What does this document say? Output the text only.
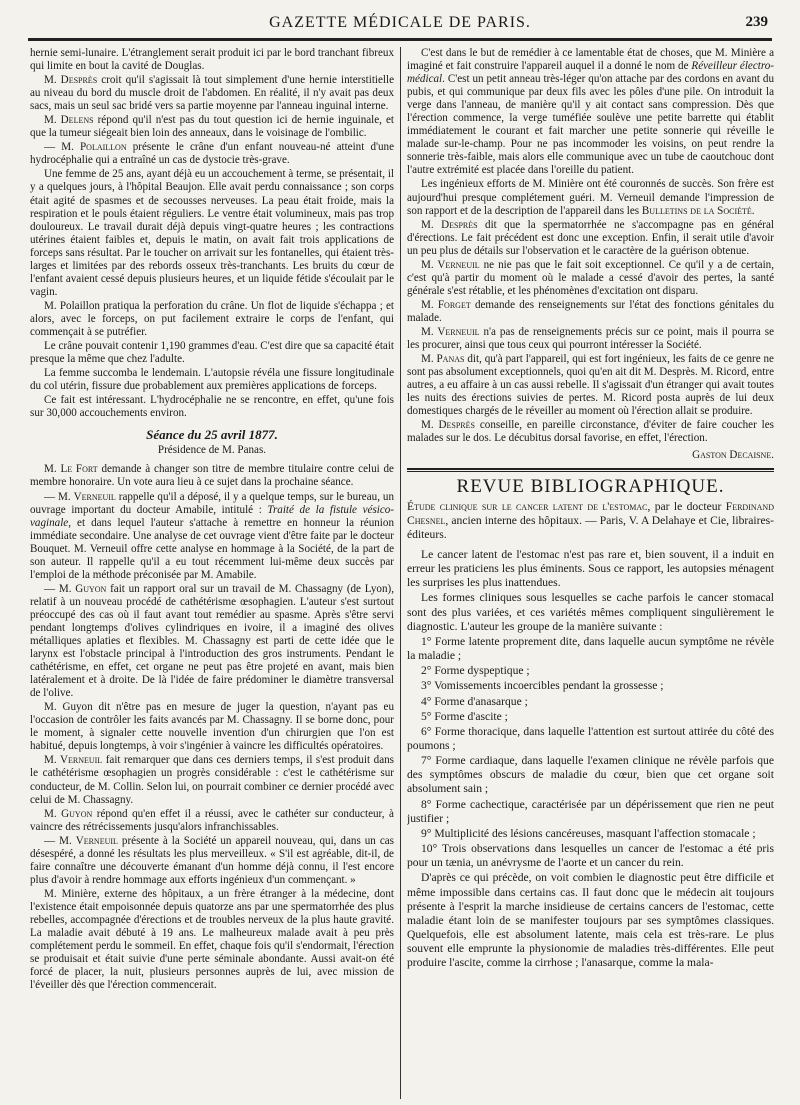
GAZETTE MÉDICALE DE PARIS.	239

hernie semi-lunaire. L'étranglement serait produit ici par le bord tranchant fibreux qui limite en bout la cavité de Douglas.

M. Desprès croit qu'il s'agissait là tout simplement d'une hernie interstitielle au niveau du bord du muscle droit de l'abdomen. En réalité, il n'y avait pas deux sacs, mais un seul sac bridé vers sa partie moyenne par l'anneau inguinal interne.

M. Delens répond qu'il n'est pas du tout question ici de hernie inguinale, et que la tumeur siégeait bien loin des anneaux, dans le voisinage de l'ombilic.

— M. Polaillon présente le crâne d'un enfant nouveau-né atteint d'une hydrocéphalie qui a entraîné un cas de dystocie très-grave.

Une femme de 25 ans, ayant déjà eu un accouchement à terme, se présentait, il y a quelques jours, à l'hôpital Beaujon. Elle avait perdu connaissance ; son corps était agité de spasmes et de secousses nerveuses. La peau était froide, mais la respiration et le pouls étaient réguliers. Le ventre était volumineux, mais pas trop douloureux. Le travail durait déjà depuis vingt-quatre heures ; les contractions utérines étaient faibles et, depuis le matin, on avait fait trois applications de forceps sans résultat. Par le toucher on arrivait sur les fontanelles, qui étaient très-larges et limitées par des rebords osseux très-tranchants. Les bruits du cœur de l'enfant avaient cessé depuis plusieurs heures, et un liquide fétide s'écoulait par le vagin.

M. Polaillon pratiqua la perforation du crâne. Un flot de liquide s'échappa ; et alors, avec le forceps, on put facilement extraire le corps de l'enfant, qui commençait à se putréfier.

Le crâne pouvait contenir 1,190 grammes d'eau. C'est dire que sa capacité était presque la même que chez l'adulte.

La femme succomba le lendemain. L'autopsie révéla une fissure longitudinale du col utérin, fissure due probablement aux premières applications de forceps.

Ce fait est intéressant. L'hydrocéphalie ne se rencontre, en effet, qu'une fois sur 30,000 accouchements environ.

Séance du 25 avril 1877.

Présidence de M. Panas.

M. Le Fort demande à changer son titre de membre titulaire contre celui de membre honoraire. Un vote aura lieu à ce sujet dans la prochaine séance.

— M. Verneuil rappelle qu'il a déposé, il y a quelque temps, sur le bureau, un ouvrage important du docteur Amabile, intitulé : Traité de la fistule vésico-vaginale, et dans lequel l'auteur s'attache à remettre en honneur la réunion immédiate secondaire. Une analyse de cet ouvrage vient d'être faite par le docteur Bouquet. M. Verneuil offre cette analyse en hommage à la Société, de la part de son auteur. Il rappelle qu'il a eu tout récemment lui-même deux succès par l'emploi de la méthode préconisée par M. Amabile.

— M. Guyon fait un rapport oral sur un travail de M. Chassagny (de Lyon), relatif à un nouveau procédé de cathétérisme œsophagien. L'auteur s'est surtout préoccupé des cas où il faut avant tout remédier au spasme. Après s'être servi pendant longtemps d'olives cylindriques en ivoire, il a imaginé des olives métalliques aplaties et flexibles. M. Chassagny est parti de cette idée que le larynx est l'obstacle principal à l'introduction des gros instruments. Pendant le cathétérisme, en effet, cet organe ne peut pas être projeté en avant, mais bien latéralement et à droite. De là l'idée de faire prédominer le diamètre transversal de l'olive.

M. Guyon dit n'être pas en mesure de juger la question, n'ayant pas eu l'occasion de contrôler les faits avancés par M. Chassagny. Il se borne donc, pour le moment, à signaler cette nouvelle invention d'un chirurgien que l'on est habitué, depuis longtemps, à voir s'ingénier à vaincre les difficultés opératoires.

M. Verneuil fait remarquer que dans ces derniers temps, il s'est produit dans le cathétérisme œsophagien un progrès considérable : c'est le cathétérisme sur conducteur, de M. Collin. Selon lui, on pourrait combiner ce dernier procédé avec celui de M. Chassagny.

M. Guyon répond qu'en effet il a réussi, avec le cathéter sur conducteur, à vaincre des rétrécissements jusqu'alors infranchissables.

— M. Verneuil présente à la Société un appareil nouveau, qui, dans un cas désespéré, a donné les résultats les plus merveilleux. « S'il est agréable, dit-il, de faire connaître une découverte émanant d'un homme déjà connu, il l'est encore plus d'avoir à rendre hommage aux efforts ingénieux d'un commençant. »

M. Minière, externe des hôpitaux, a un frère étranger à la médecine, dont l'existence était empoisonnée depuis quatorze ans par une spermatorrhée des plus rebelles, accompagnée d'érections et de troubles nerveux de la plus haute gravité. La maladie avait débuté à 19 ans. Le malheureux malade avait à peu près complétement perdu le sommeil. En effet, chaque fois qu'il s'endormait, l'érection se produisait et était suivie d'une perte séminale abondante. Aussi avait-on été forcé de placer, la nuit, plusieurs personnes auprès de lui, avec mission de l'éveiller dès que l'érection commencerait.

C'est dans le but de remédier à ce lamentable état de choses, que M. Minière a imaginé et fait construire l'appareil auquel il a donné le nom de Réveilleur électro-médical. C'est un petit anneau très-léger qu'on attache par des cordons en avant du pubis, et qui communique par deux fils avec les pôles d'une pile. On introduit la verge dans l'anneau, de manière qu'il y ait contact sans compression. Dès que l'érection commence, la verge tuméfiée soulève une petite barrette qui établit immédiatement le courant et fait marcher une petite sonnerie qui réveille le malade sur-le-champ. Pour ne pas incommoder les voisins, on peut rendre la sonnerie très-faible, mais alors elle communique avec un tube de caoutchouc dont l'autre extrémité est placée dans l'oreille du patient.

Les ingénieux efforts de M. Minière ont été couronnés de succès. Son frère est aujourd'hui presque complétement guéri. M. Verneuil demande l'impression de son rapport et de la description de l'appareil dans les Bulletins de la Société.

M. Desprès dit que la spermatorrhée ne s'accompagne pas en général d'érections. Le fait précédent est donc une exception. Enfin, il serait utile d'avoir un peu plus de détails sur l'observation et le caractère de la guérison obtenue.

M. Verneuil ne nie pas que le fait soit exceptionnel. Ce qu'il y a de certain, c'est qu'à partir du moment où le malade a cessé d'avoir des pertes, la santé générale s'est rétablie, et les phénomènes d'excitation ont disparu.

M. Forget demande des renseignements sur l'état des fonctions génitales du malade.

M. Verneuil n'a pas de renseignements précis sur ce point, mais il pourra se les procurer, ainsi que tous ceux qui pourront intéresser la Société.

M. Panas dit, qu'à part l'appareil, qui est fort ingénieux, les faits de ce genre ne sont pas absolument exceptionnels, quoi qu'en ait dit M. Desprès. M. Ricord, entre autres, a eu affaire à un cas aussi rebelle. Il s'agissait d'un étranger qui avait toutes les nuits des érections suivies de pertes. M. Ricord posta auprès de lui deux domestiques chargés de le réveiller au moment où l'érection allait se produire.

M. Desprès conseille, en pareille circonstance, d'éviter de faire coucher les malades sur le dos. Le décubitus dorsal favorise, en effet, l'érection.

Gaston Decaisne.

REVUE BIBLIOGRAPHIQUE.

Étude clinique sur le cancer latent de l'estomac, par le docteur Ferdinand Chesnel, ancien interne des hôpitaux. — Paris, V. A Delahaye et Cie, libraires-éditeurs.

Le cancer latent de l'estomac n'est pas rare et, bien souvent, il a induit en erreur les praticiens les plus éminents. Sous ce rapport, les autopsies ménagent les surprises les plus inattendues.

Les formes cliniques sous lesquelles se cache parfois le cancer stomacal sont des plus variées, et ces variétés mêmes compliquent singulièrement le diagnostic. L'auteur les groupe de la manière suivante :

1° Forme latente proprement dite, dans laquelle aucun symptôme ne révèle la maladie ;

2° Forme dyspeptique ;

3° Vomissements incoercibles pendant la grossesse ;

4° Forme d'anasarque ;

5° Forme d'ascite ;

6° Forme thoracique, dans laquelle l'attention est surtout attirée du côté des poumons ;

7° Forme cardiaque, dans laquelle l'examen clinique ne révèle parfois que des symptômes obscurs de maladie du cœur, bien que cet organe soit absolument sain ;

8° Forme cachectique, caractérisée par un dépérissement que rien ne peut justifier ;

9° Multiplicité des lésions cancéreuses, masquant l'affection stomacale ;

10° Trois observations dans lesquelles un cancer de l'estomac a été pris pour un tænia, un anévrysme de l'aorte et un cancer du rein.

D'après ce qui précède, on voit combien le diagnostic peut être difficile et même impossible dans certains cas. Il faut donc que le médecin ait toujours présente à l'esprit la marche insidieuse de certains cancers de l'estomac, cette maladie étant loin de se manifester toujours par ses symptômes classiques. Quelquefois, elle est absolument latente, mais cela est très-rare. Le plus souvent elle emprunte la physionomie de maladies très-différentes. Elle peut produire l'ascite, comme la cirrhose ; l'anasarque, comme la mala-
